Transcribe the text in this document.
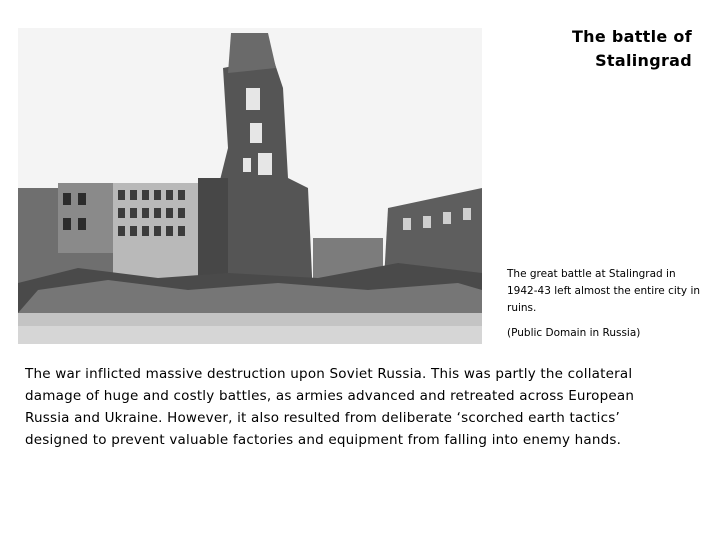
The battle of
Stalingrad
The great battle at Stalingrad in 1942-43 left almost the entire city in ruins.
(Public Domain in Russia)
The war inflicted massive destruction upon Soviet Russia. This was partly the collateral damage of huge and costly battles, as armies advanced and retreated across European Russia and Ukraine. However, it also resulted from deliberate ‘scorched earth tactics’ designed to prevent valuable factories and equipment from falling into enemy hands.
